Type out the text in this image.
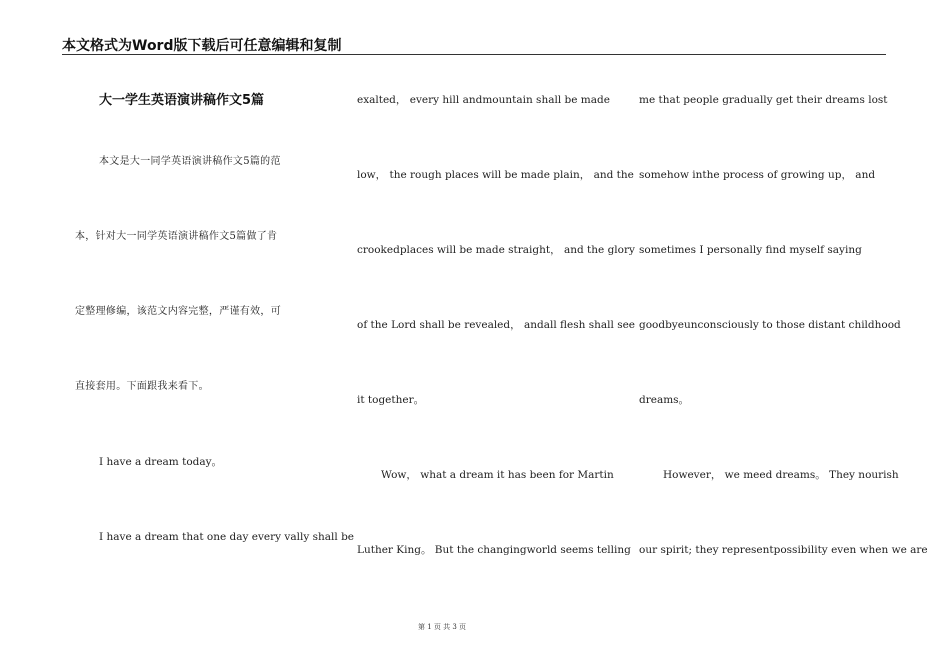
本文格式为Word版下载后可任意编辑和复制
大一学生英语演讲稿作文5篇
本文是大一同学英语演讲稿作文5篇的范
本，针对大一同学英语演讲稿作文5篇做了肯
定整理修编，该范文内容完整，严谨有效，可
直接套用。下面跟我来看下。
I have a dream today。
I have a dream that one day every vally shall be
exalted， every hill andmountain shall be made
low， the rough places will be made plain， and the
crookedplaces will be made straight， and the glory
of the Lord shall be revealed， andall flesh shall see
it together。
Wow， what a dream it has been for Martin
Luther King。 But the changingworld seems telling
me that people gradually get their dreams lost
somehow inthe process of growing up， and
sometimes I personally find myself saying
goodbyeunconsciously to those distant childhood
dreams。
However， we meed dreams。 They nourish
our spirit; they representpossibility even when we are
第 1 页 共 3 页
